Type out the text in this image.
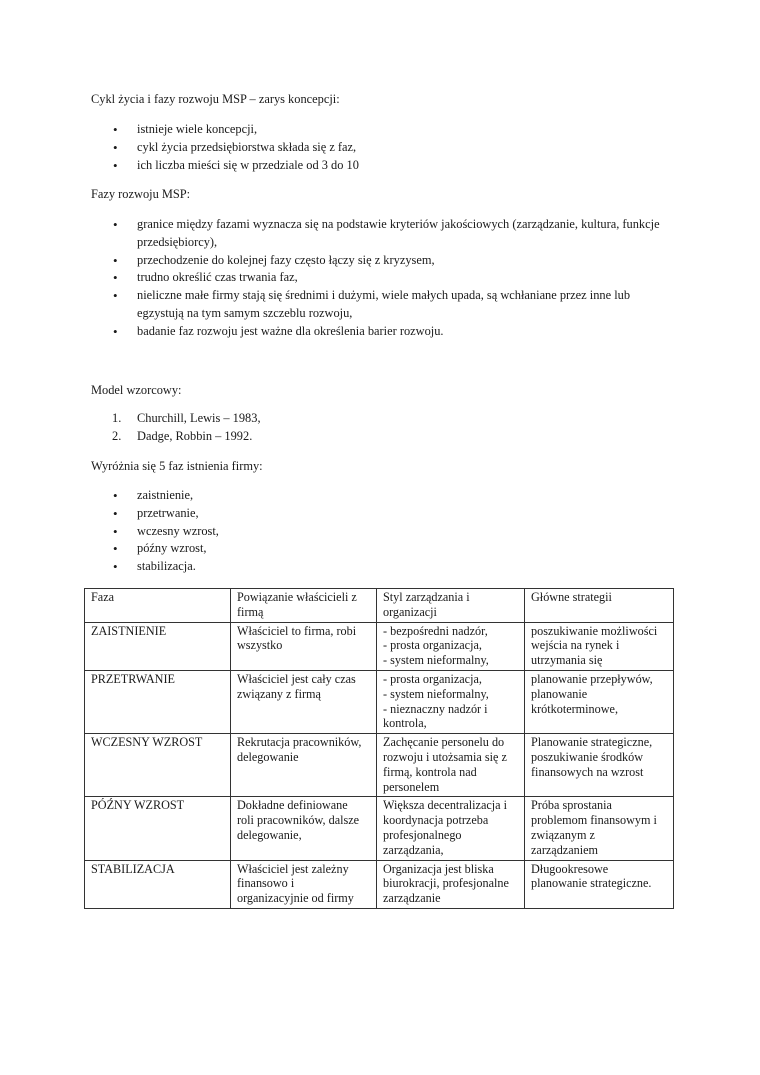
Cykl życia i fazy rozwoju MSP – zarys koncepcji:

• istnieje wiele koncepcji,
• cykl życia przedsiębiorstwa składa się z faz,
• ich liczba mieści się w przedziale od 3 do 10

Fazy rozwoju MSP:

• granice między fazami wyznacza się na podstawie kryteriów jakościowych (zarządzanie, kultura, funkcje przedsiębiorcy),
• przechodzenie do kolejnej fazy często łączy się z kryzysem,
• trudno określić czas trwania faz,
• nieliczne małe firmy stają się średnimi i dużymi, wiele małych upada, są wchłaniane przez inne lub egzystują na tym samym szczeblu rozwoju,
• badanie faz rozwoju jest ważne dla określenia barier rozwoju.

Model wzorcowy:

1. Churchill, Lewis – 1983,
2. Dadge, Robbin – 1992.

Wyróżnia się 5 faz istnienia firmy:

• zaistnienie,
• przetrwanie,
• wczesny wzrost,
• późny wzrost,
• stabilizacja.
Faza	Powiązanie właścicieli z
firmą	Styl zarządzania i
organizacji	Główne strategii

ZAISTNIENIE	Właściciel to firma, robi
wszystko	- bezpośredni nadzór,
- prosta organizacja,
- system nieformalny,	poszukiwanie możliwości
wejścia na rynek i
utrzymania się

PRZETRWANIE	Właściciel jest cały czas
związany z firmą	- prosta organizacja,
- system nieformalny,
- nieznaczny nadzór i
kontrola,	planowanie przepływów,
planowanie
krótkoterminowe,

WCZESNY WZROST	Rekrutacja pracowników,
delegowanie	Zachęcanie personelu do
rozwoju i utożsamia się z
firmą, kontrola nad
personelem	Planowanie strategiczne,
poszukiwanie środków
finansowych na wzrost

PÓŹNY WZROST	Dokładne definiowane
roli pracowników, dalsze
delegowanie,	Większa decentralizacja i
koordynacja potrzeba
profesjonalnego
zarządzania,	Próba sprostania
problemom finansowym i
związanym z
zarządzaniem

STABILIZACJA	Właściciel jest zależny
finansowo i
organizacyjnie od firmy	Organizacja jest bliska
biurokracji, profesjonalne
zarządzanie	Długookresowe
planowanie strategiczne.
